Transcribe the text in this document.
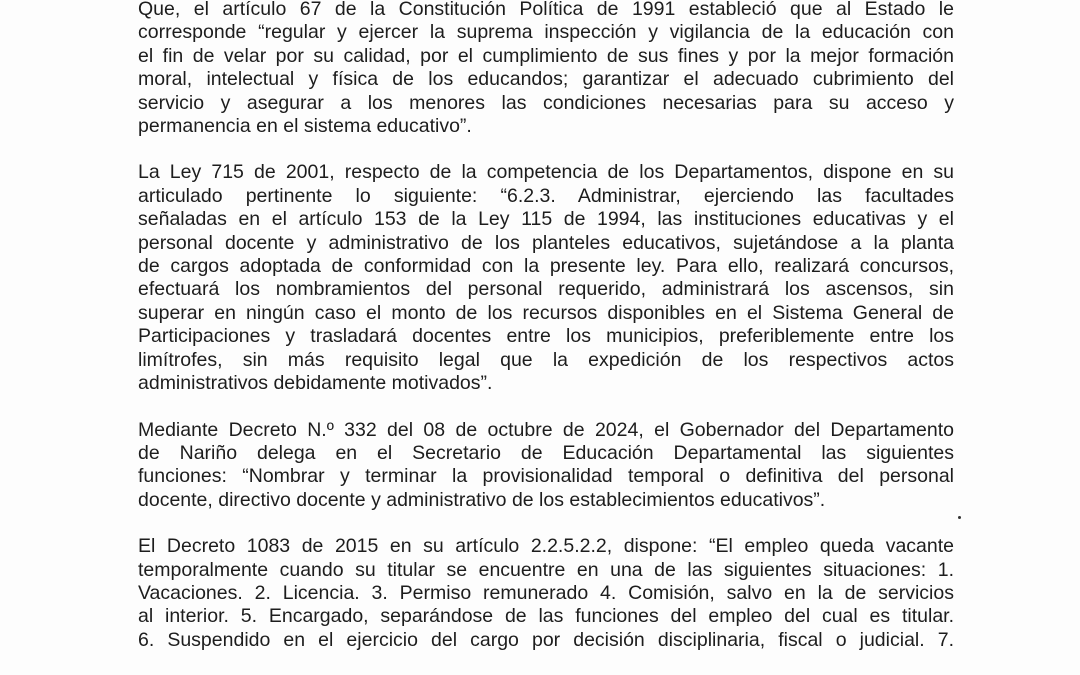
Que, el artículo 67 de la Constitución Política de 1991 estableció que al Estado le
corresponde “regular y ejercer la suprema inspección y vigilancia de la educación con
el fin de velar por su calidad, por el cumplimiento de sus fines y por la mejor formación
moral, intelectual y física de los educandos; garantizar el adecuado cubrimiento del
servicio y asegurar a los menores las condiciones necesarias para su acceso y
permanencia en el sistema educativo”.

La Ley 715 de 2001, respecto de la competencia de los Departamentos, dispone en su
articulado pertinente lo siguiente: “6.2.3. Administrar, ejerciendo las facultades
señaladas en el artículo 153 de la Ley 115 de 1994, las instituciones educativas y el
personal docente y administrativo de los planteles educativos, sujetándose a la planta
de cargos adoptada de conformidad con la presente ley. Para ello, realizará concursos,
efectuará los nombramientos del personal requerido, administrará los ascensos, sin
superar en ningún caso el monto de los recursos disponibles en el Sistema General de
Participaciones y trasladará docentes entre los municipios, preferiblemente entre los
limítrofes, sin más requisito legal que la expedición de los respectivos actos
administrativos debidamente motivados”.

Mediante Decreto N.º 332 del 08 de octubre de 2024, el Gobernador del Departamento
de Nariño delega en el Secretario de Educación Departamental las siguientes
funciones: “Nombrar y terminar la provisionalidad temporal o definitiva del personal
docente, directivo docente y administrativo de los establecimientos educativos”.

El Decreto 1083 de 2015 en su artículo 2.2.5.2.2, dispone: “El empleo queda vacante
temporalmente cuando su titular se encuentre en una de las siguientes situaciones: 1.
Vacaciones. 2. Licencia. 3. Permiso remunerado 4. Comisión, salvo en la de servicios
al interior. 5. Encargado, separándose de las funciones del empleo del cual es titular.
6. Suspendido en el ejercicio del cargo por decisión disciplinaria, fiscal o judicial. 7.
